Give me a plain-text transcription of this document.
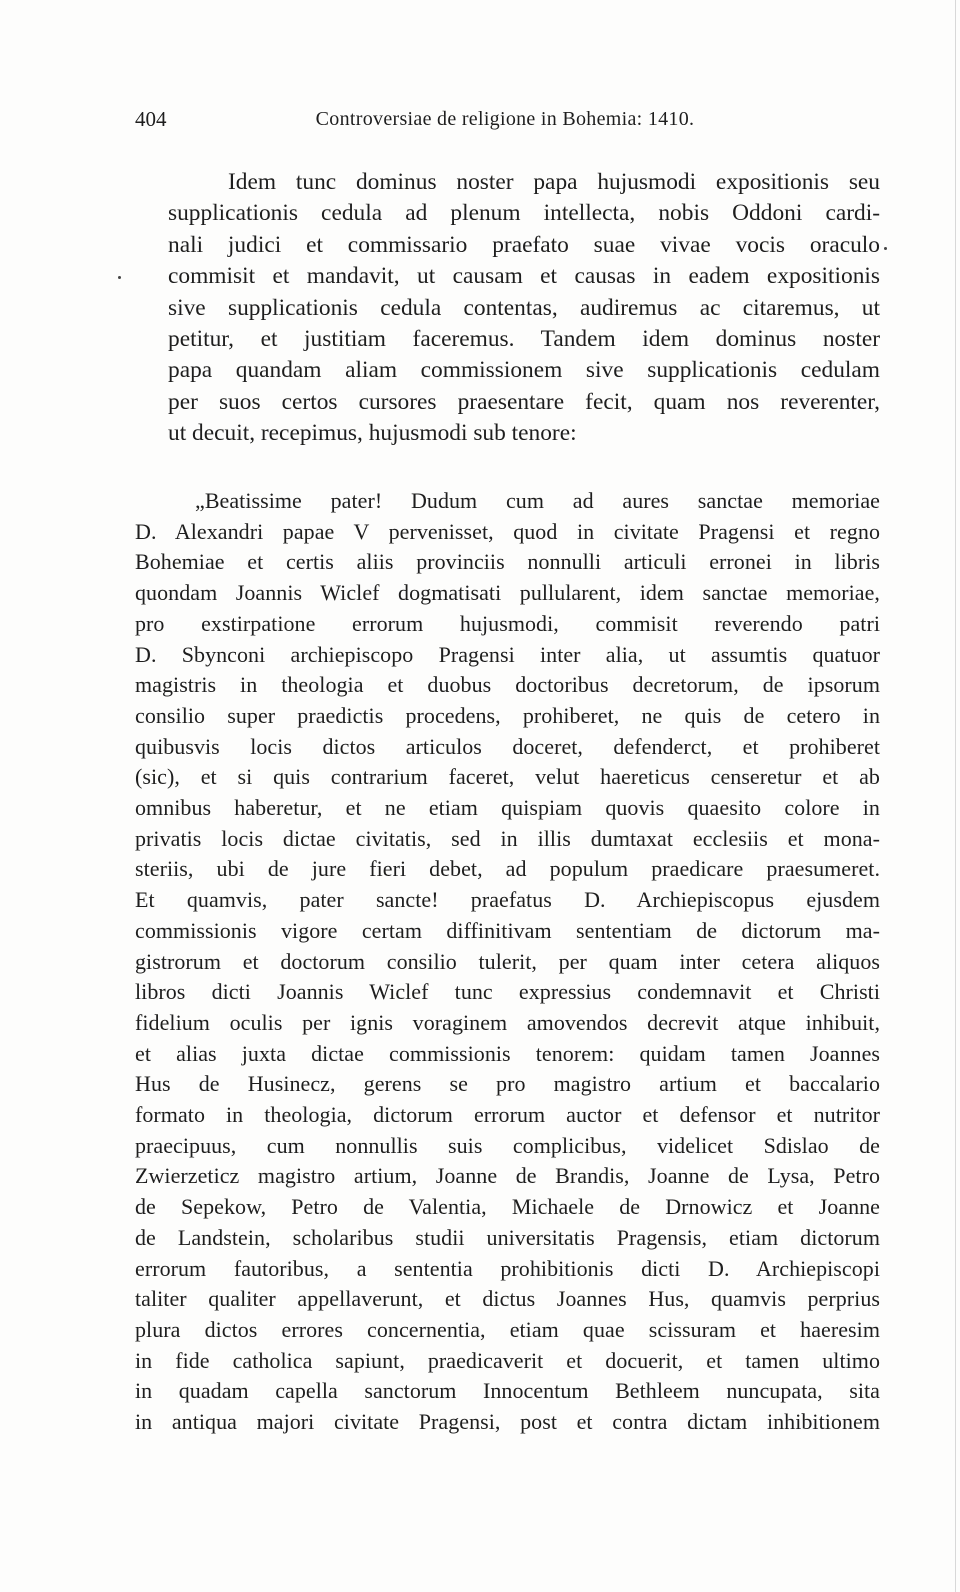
404	Controversiae de religione in Bohemia: 1410.
Idem tunc dominus noster papa hujusmodi expositionis seu
supplicationis cedula ad plenum intellecta, nobis Oddoni cardi-
nali judici et commissario praefato suae vivae vocis oraculo
commisit et mandavit, ut causam et causas in eadem expositionis
sive supplicationis cedula contentas, audiremus ac citaremus, ut
petitur, et justitiam faceremus. Tandem idem dominus noster
papa quandam aliam commissionem sive supplicationis cedulam
per suos certos cursores praesentare fecit, quam nos reverenter,
ut decuit, recepimus, hujusmodi sub tenore:
„Beatissime pater! Dudum cum ad aures sanctae memoriae
D. Alexandri papae V pervenisset, quod in civitate Pragensi et regno
Bohemiae et certis aliis provinciis nonnulli articuli erronei in libris
quondam Joannis Wiclef dogmatisati pullularent, idem sanctae memoriae,
pro exstirpatione errorum hujusmodi, commisit reverendo patri
D. Sbynconi archiepiscopo Pragensi inter alia, ut assumtis quatuor
magistris in theologia et duobus doctoribus decretorum, de ipsorum
consilio super praedictis procedens, prohiberet, ne quis de cetero in
quibusvis locis dictos articulos doceret, defenderct, et prohiberet
(sic), et si quis contrarium faceret, velut haereticus censeretur et ab
omnibus haberetur, et ne etiam quispiam quovis quaesito colore in
privatis locis dictae civitatis, sed in illis dumtaxat ecclesiis et mona-
steriis, ubi de jure fieri debet, ad populum praedicare praesumeret.
Et quamvis, pater sancte! praefatus D. Archiepiscopus ejusdem
commissionis vigore certam diffinitivam sententiam de dictorum ma-
gistrorum et doctorum consilio tulerit, per quam inter cetera aliquos
libros dicti Joannis Wiclef tunc expressius condemnavit et Christi
fidelium oculis per ignis voraginem amovendos decrevit atque inhibuit,
et alias juxta dictae commissionis tenorem: quidam tamen Joannes
Hus de Husinecz, gerens se pro magistro artium et baccalario
formato in theologia, dictorum errorum auctor et defensor et nutritor
praecipuus, cum nonnullis suis complicibus, videlicet Sdislao de
Zwierzeticz magistro artium, Joanne de Brandis, Joanne de Lysa, Petro
de Sepekow, Petro de Valentia, Michaele de Drnowicz et Joanne
de Landstein, scholaribus studii universitatis Pragensis, etiam dictorum
errorum fautoribus, a sententia prohibitionis dicti D. Archiepiscopi
taliter qualiter appellaverunt, et dictus Joannes Hus, quamvis perprius
plura dictos errores concernentia, etiam quae scissuram et haeresim
in fide catholica sapiunt, praedicaverit et docuerit, et tamen ultimo
in quadam capella sanctorum Innocentum Bethleem nuncupata, sita
in antiqua majori civitate Pragensi, post et contra dictam inhibitionem
